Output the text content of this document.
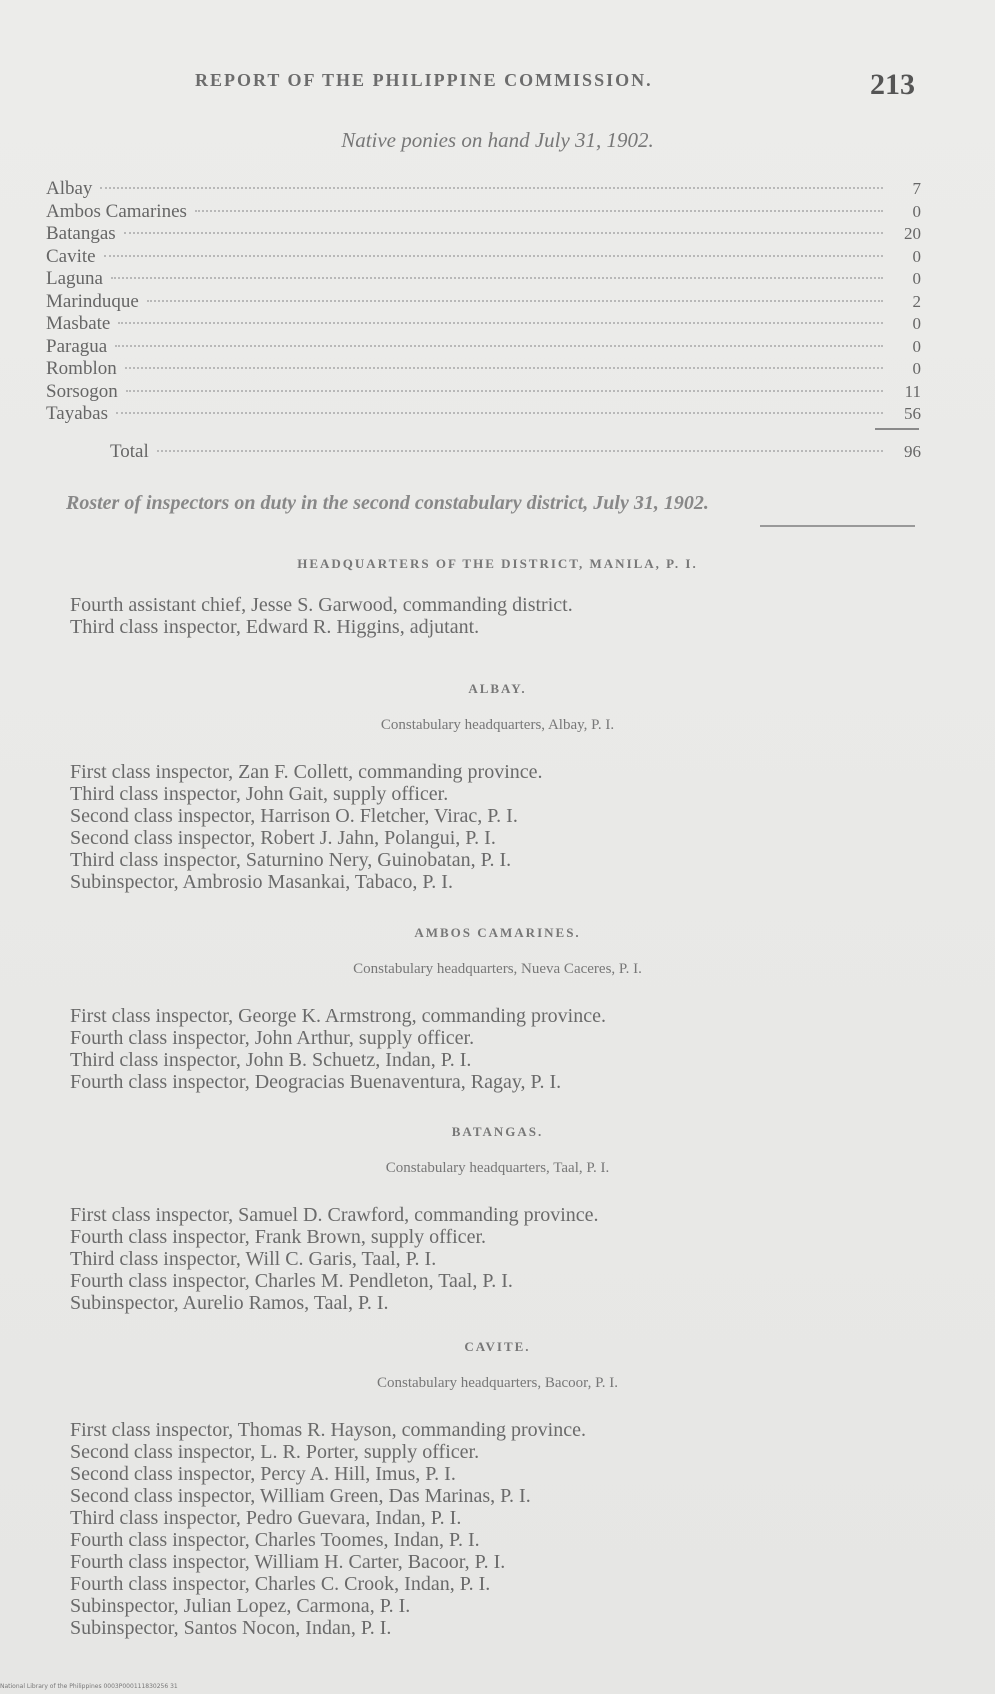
REPORT OF THE PHILIPPINE COMMISSION.	213
Native ponies on hand July 31, 1902.
Albay	7
Ambos Camarines	0
Batangas	20
Cavite	0
Laguna	0
Marinduque	2
Masbate	0
Paragua	0
Romblon	0
Sorsogon	11
Tayabas	56
Total	96
Roster of inspectors on duty in the second constabulary district, July 31, 1902.
HEADQUARTERS OF THE DISTRICT, MANILA, P. I.
Fourth assistant chief, Jesse S. Garwood, commanding district.
Third class inspector, Edward R. Higgins, adjutant.
ALBAY.
Constabulary headquarters, Albay, P. I.
First class inspector, Zan F. Collett, commanding province.
Third class inspector, John Gait, supply officer.
Second class inspector, Harrison O. Fletcher, Virac, P. I.
Second class inspector, Robert J. Jahn, Polangui, P. I.
Third class inspector, Saturnino Nery, Guinobatan, P. I.
Subinspector, Ambrosio Masankai, Tabaco, P. I.
AMBOS CAMARINES.
Constabulary headquarters, Nueva Caceres, P. I.
First class inspector, George K. Armstrong, commanding province.
Fourth class inspector, John Arthur, supply officer.
Third class inspector, John B. Schuetz, Indan, P. I.
Fourth class inspector, Deogracias Buenaventura, Ragay, P. I.
BATANGAS.
Constabulary headquarters, Taal, P. I.
First class inspector, Samuel D. Crawford, commanding province.
Fourth class inspector, Frank Brown, supply officer.
Third class inspector, Will C. Garis, Taal, P. I.
Fourth class inspector, Charles M. Pendleton, Taal, P. I.
Subinspector, Aurelio Ramos, Taal, P. I.
CAVITE.
Constabulary headquarters, Bacoor, P. I.
First class inspector, Thomas R. Hayson, commanding province.
Second class inspector, L. R. Porter, supply officer.
Second class inspector, Percy A. Hill, Imus, P. I.
Second class inspector, William Green, Das Marinas, P. I.
Third class inspector, Pedro Guevara, Indan, P. I.
Fourth class inspector, Charles Toomes, Indan, P. I.
Fourth class inspector, William H. Carter, Bacoor, P. I.
Fourth class inspector, Charles C. Crook, Indan, P. I.
Subinspector, Julian Lopez, Carmona, P. I.
Subinspector, Santos Nocon, Indan, P. I.
National Library of the Philippines 0003P000111830256 31
